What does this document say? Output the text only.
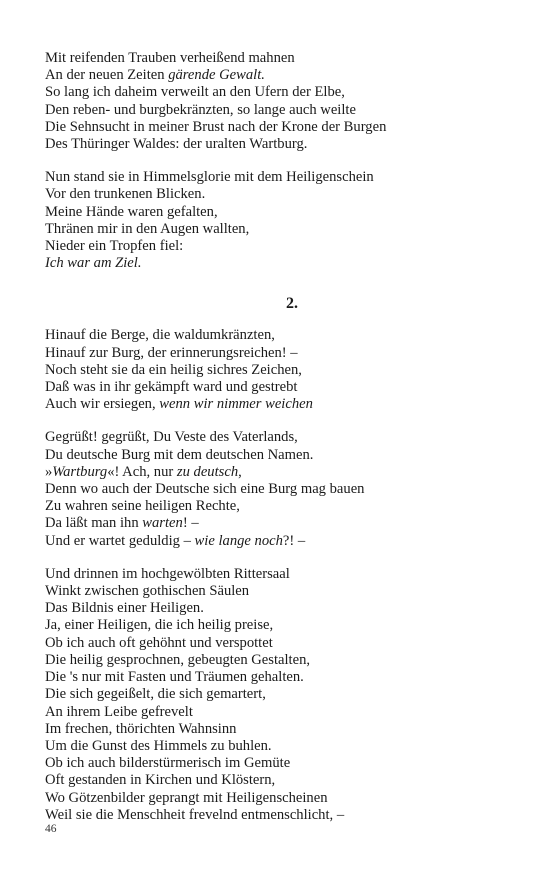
Mit reifenden Trauben verheißend mahnen
An der neuen Zeiten gärende Gewalt.
So lang ich daheim verweilt an den Ufern der Elbe,
Den reben- und burgbekränzten, so lange auch weilte
Die Sehnsucht in meiner Brust nach der Krone der Burgen
Des Thüringer Waldes: der uralten Wartburg.
Nun stand sie in Himmelsglorie mit dem Heiligenschein
Vor den trunkenen Blicken.
Meine Hände waren gefalten,
Thränen mir in den Augen wallten,
Nieder ein Tropfen fiel:
Ich war am Ziel.
2.
Hinauf die Berge, die waldumkränzten,
Hinauf zur Burg, der erinnerungsreichen! –
Noch steht sie da ein heilig sichres Zeichen,
Daß was in ihr gekämpft ward und gestrebt
Auch wir ersiegen, wenn wir nimmer weichen
Gegrüßt! gegrüßt, Du Veste des Vaterlands,
Du deutsche Burg mit dem deutschen Namen.
»Wartburg«! Ach, nur zu deutsch,
Denn wo auch der Deutsche sich eine Burg mag bauen
Zu wahren seine heiligen Rechte,
Da läßt man ihn warten! –
Und er wartet geduldig – wie lange noch?! –
Und drinnen im hochgewölbten Rittersaal
Winkt zwischen gothischen Säulen
Das Bildnis einer Heiligen.
Ja, einer Heiligen, die ich heilig preise,
Ob ich auch oft gehöhnt und verspottet
Die heilig gesprochnen, gebeugten Gestalten,
Die 's nur mit Fasten und Träumen gehalten.
Die sich gegeißelt, die sich gemartert,
An ihrem Leibe gefrevelt
Im frechen, thörichten Wahnsinn
Um die Gunst des Himmels zu buhlen.
Ob ich auch bilderstürmerisch im Gemüte
Oft gestanden in Kirchen und Klöstern,
Wo Götzenbilder geprangt mit Heiligenscheinen
Weil sie die Menschheit frevelnd entmenschlicht, –
46
